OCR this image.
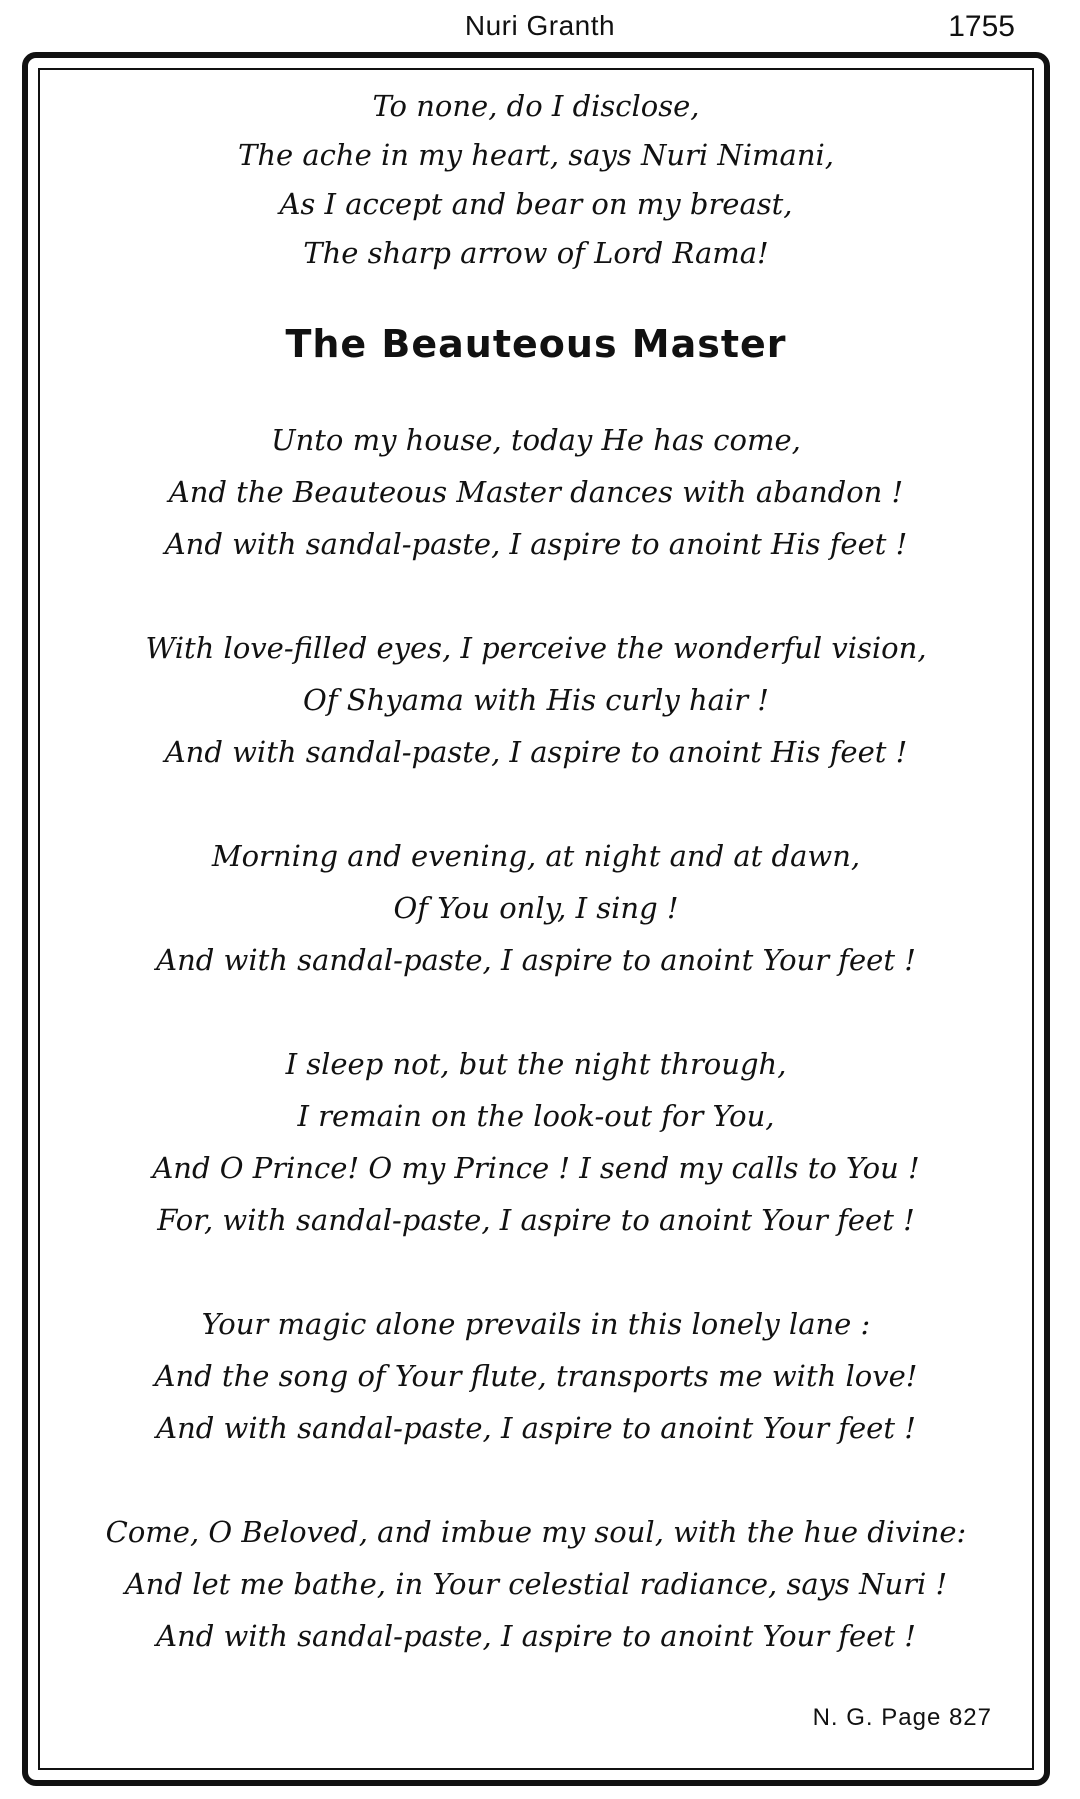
Nuri Granth	1755
To none, do I disclose,
The ache in my heart, says Nuri Nimani,
As I accept and bear on my breast,
The sharp arrow of Lord Rama!
The Beauteous Master
Unto my house, today He has come,
And the Beauteous Master dances with abandon !
And with sandal-paste, I aspire to anoint His feet !
With love-filled eyes, I perceive the wonderful vision,
Of Shyama with His curly hair !
And with sandal-paste, I aspire to anoint His feet !
Morning and evening, at night and at dawn,
Of You only, I sing !
And with sandal-paste, I aspire to anoint Your feet !
I sleep not, but the night through,
I remain on the look-out for You,
And O Prince! O my Prince ! I send my calls to You !
For, with sandal-paste, I aspire to anoint Your feet !
Your magic alone prevails in this lonely lane :
And the song of Your flute, transports me with love!
And with sandal-paste, I aspire to anoint Your feet !
Come, O Beloved, and imbue my soul, with the hue divine:
And let me bathe, in Your celestial radiance, says Nuri !
And with sandal-paste, I aspire to anoint Your feet !
N. G. Page 827
